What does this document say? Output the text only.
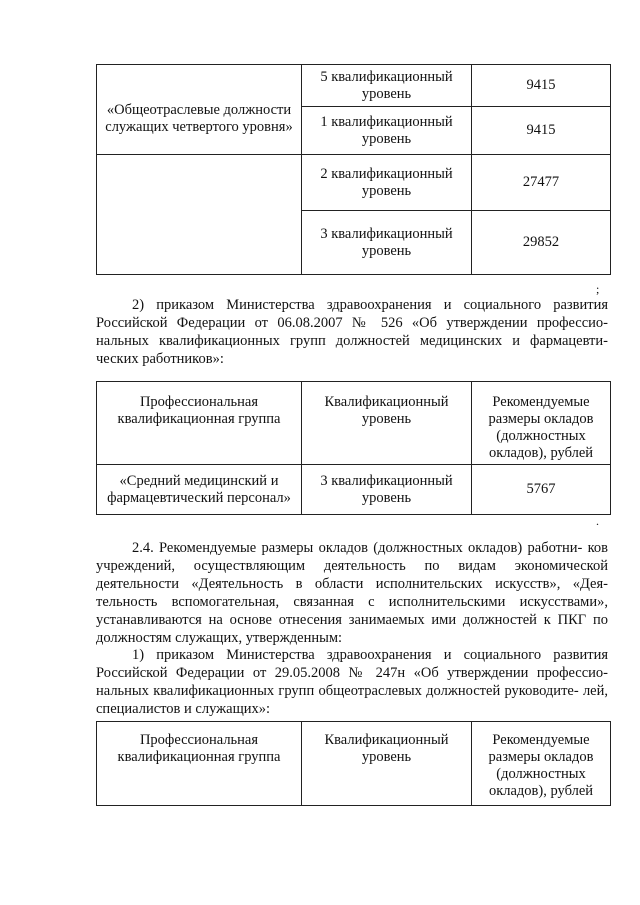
«Общеотраслевые должности служащих четвертого уровня»	5 квалификационный уровень	9415
	1 квалификационный уровень	9415
	2 квалификационный уровень	27477
	3 квалификационный уровень	29852
;
2) приказом Министерства здравоохранения и социального развития Российской Федерации от 06.08.2007 № 526 «Об утверждении профессио- нальных квалификационных групп должностей медицинских и фармацевти- ческих работников»:
Профессиональная квалификационная группа	Квалификационный уровень	Рекомендуемые размеры окладов (должностных окладов), рублей
«Средний медицинский и фармацевтический персонал»	3 квалификационный уровень	5767
.
2.4. Рекомендуемые размеры окладов (должностных окладов) работни- ков учреждений, осуществляющим деятельность по видам экономической деятельности «Деятельность в области исполнительских искусств», «Дея- тельность вспомогательная, связанная с исполнительскими искусствами», устанавливаются на основе отнесения занимаемых ими должностей к ПКГ по должностям служащих, утвержденным:
1) приказом Министерства здравоохранения и социального развития Российской Федерации от 29.05.2008 № 247н «Об утверждении профессио- нальных квалификационных групп общеотраслевых должностей руководите- лей, специалистов и служащих»:
Профессиональная квалификационная группа	Квалификационный уровень	Рекомендуемые размеры окладов (должностных окладов), рублей
